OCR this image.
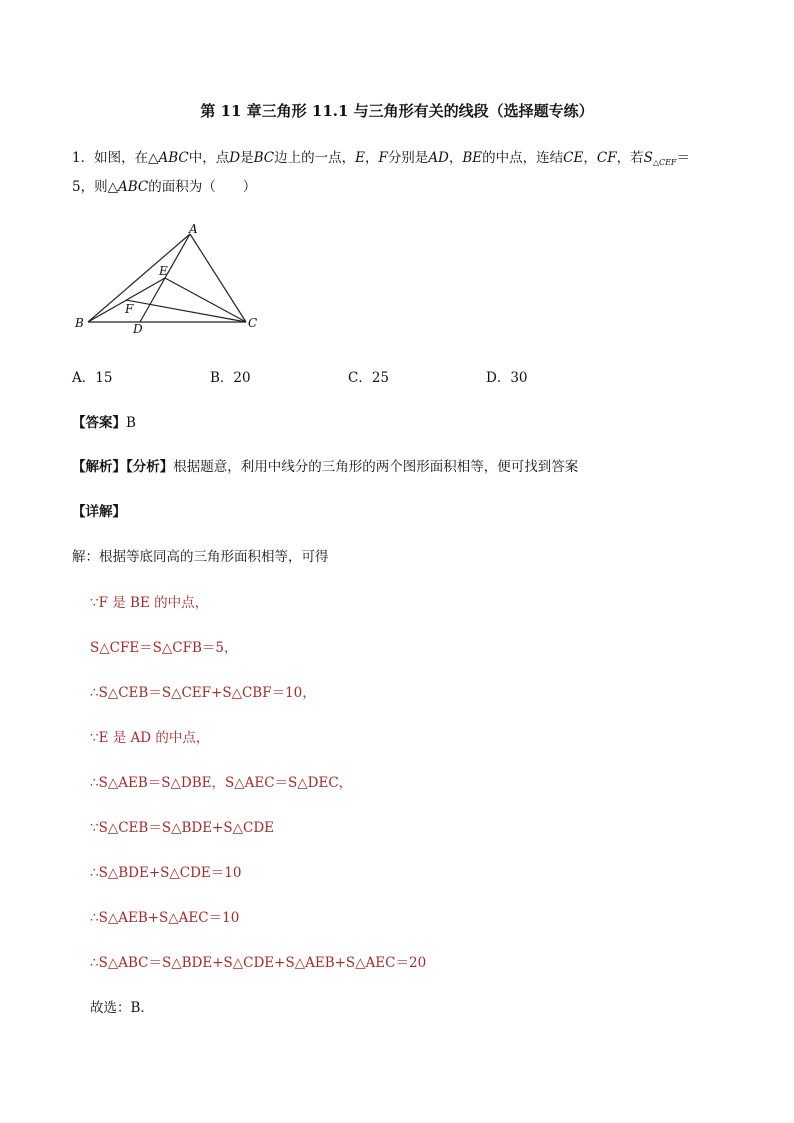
第 11 章三角形 11.1 与三角形有关的线段（选择题专练）
1．如图，在△ABC中，点D是BC边上的一点，E，F分别是AD，BE的中点，连结CE，CF，若$S_{\triangle CEF}=$
5，则△ABC的面积为（　　）
A
B	C
D
E
F
A．15	B．20	C．25	D．30
【答案】B
【解析】【分析】根据题意，利用中线分的三角形的两个图形面积相等，便可找到答案
【详解】
解：根据等底同高的三角形面积相等，可得
∵F 是 BE 的中点，
S△CFE＝S△CFB＝5，
∴S△CEB＝S△CEF+S△CBF＝10，
∵E 是 AD 的中点，
∴S△AEB＝S△DBE，S△AEC＝S△DEC，
∵S△CEB＝S△BDE+S△CDE
∴S△BDE+S△CDE＝10
∴S△AEB+S△AEC＝10
∴S△ABC＝S△BDE+S△CDE+S△AEB+S△AEC＝20
故选：B．
